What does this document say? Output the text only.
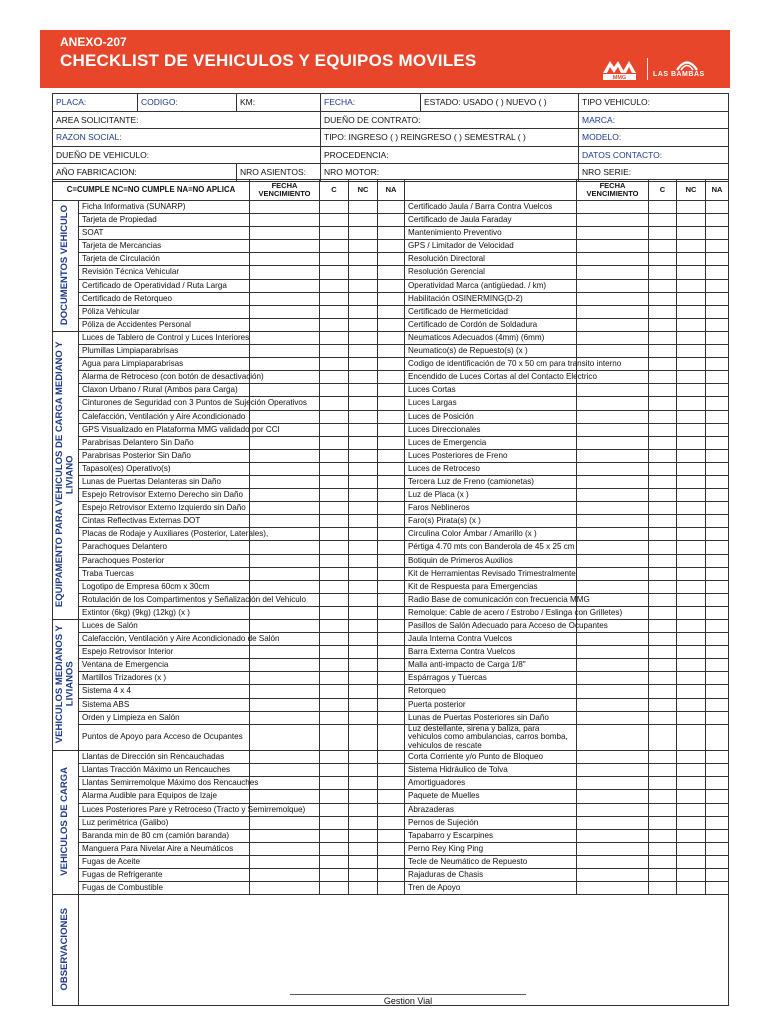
ANEXO-207
CHECKLIST DE VEHICULOS Y EQUIPOS MOVILES
MMG	LAS BAMBAS
PLACA:	CODIGO:	KM:	FECHA:	ESTADO: USADO ( ) NUEVO ( )	TIPO VEHICULO:
AREA SOLICITANTE:			DUEÑO DE CONTRATO:		MARCA:
RAZON SOCIAL:			TIPO: INGRESO ( ) REINGRESO ( ) SEMESTRAL ( )		MODELO:
DUEÑO DE VEHICULO:			PROCEDENCIA:		DATOS CONTACTO:
AÑO FABRICACION:		NRO ASIENTOS:	NRO MOTOR:		NRO SERIE:
C=CUMPLE NC=NO CUMPLE NA=NO APLICA		FECHA VENCIMIENTO	C	NC	NA		FECHA VENCIMIENTO	C	NC	NA
DOCUMENTOS VEHICULO	Ficha Informativa (SUNARP)					Certificado Jaula / Barra Contra Vuelcos				
	Tarjeta de Propiedad					Certificado de Jaula Faraday				
	SOAT					Mantenimiento Preventivo				
	Tarjeta de Mercancias					GPS / Limitador de Velocidad				
	Tarjeta de Circulación					Resolución Directoral				
	Revisión Técnica Vehicular					Resolución Gerencial				
	Certificado de Operatividad / Ruta Larga					Operatividad Marca (antigüedad. / km)				
	Certificado de Retorqueo					Habilitación OSINERMING(D-2)				
	Póliza Vehicular					Certificado de Hermeticidad				
	Póliza de Accidentes Personal					Certificado de Cordón de Soldadura				
EQUIPAMENTO PARA VEHICULOS DE CARGA MEDIANO Y LIVIANO	Luces de Tablero de Control y Luces Interiores					Neumaticos Adecuados (4mm) (6mm)				
	Plumillas Limpiaparabrisas					Neumatico(s) de Repuesto(s) (x )				
	Agua para Limpiaparabrisas					Codigo de identificación de 70 x 50 cm para transito interno				
	Alarma de Retroceso (con botón de desactivación)					Encendido de Luces Cortas al del Contacto Electrico				
	Claxon Urbano / Rural (Ambos para Carga)					Luces Cortas				
	Cinturones de Seguridad con 3 Puntos de Sujeción Operativos					Luces Largas				
	Calefacción, Ventilación y Aire Acondicionado					Luces de Posición				
	GPS Visualizado en Plataforma MMG validado por CCI					Luces Direccionales				
	Parabrisas Delantero Sin Daño					Luces de Emergencia				
	Parabrisas Posterior Sin Daño					Luces Posteriores de Freno				
	Tapasol(es) Operativo(s)					Luces de Retroceso				
	Lunas de Puertas Delanteras sin Daño					Tercera Luz de Freno (camionetas)				
	Espejo Retrovisor Externo Derecho sin Daño					Luz de Placa (x )				
	Espejo Retrovisor Externo Izquierdo sin Daño					Faros Neblineros				
	Cintas Reflectivas Externas DOT					Faro(s) Pirata(s) (x )				
	Placas de Rodaje y Auxiliares (Posterior, Laterales),					Circulina Color Ámbar / Amarillo (x )				
	Parachoques Delantero					Pértiga 4.70 mts con Banderola de 45 x 25 cm				
	Parachoques Posterior					Botiquin de Primeros Auxilios				
	Traba Tuercas					Kit de Herramientas Revisado Trimestralmente				
	Logotipo de Empresa 60cm x 30cm					Kit de Respuesta para Emergencias				
	Rotulación de los Compartimentos y Señalización del Vehiculo					Radio Base de comunicación con frecuencia MMG				
	Extintor (6kg) (9kg) (12kg) (x )					Remolque: Cable de acero / Estrobo / Eslinga con Grilletes)				
VEHICULOS MEDIANOS Y LIVIANOS	Luces de Salón					Pasillos de Salón Adecuado para Acceso de Ocupantes				
	Calefacción, Ventilación y Aire Acondicionado de Salón					Jaula Interna Contra Vuelcos				
	Espejo Retrovisor Interior					Barra Externa Contra Vuelcos				
	Ventana de Emergencia					Malla anti-impacto de Carga 1/8"				
	Martillos Trizadores (x )					Espárragos y Tuercas				
	Sistema 4 x 4					Retorqueo				
	Sistema ABS					Puerta posterior				
	Orden y Limpieza en Salón					Lunas de Puertas Posteriores sin Daño				
	Puntos de Apoyo para Acceso de Ocupantes					Luz destellante, sirena y baliza, para vehiculos como ambulancias, carros bomba, vehiculos de rescate				
VEHICULOS DE CARGA	Llantas de Dirección sin Rencauchadas					Corta Corriente y/o Punto de Bloqueo				
	Llantas Tracción Máximo un Rencauches					Sistema Hidráulico de Tolva				
	Llantas Semirremolque Máximo dos Rencauches					Amortiguadores				
	Alarma Audible para Equipos de Izaje					Paquete de Muelles				
	Luces Posteriores Pare y Retroceso (Tracto y Semirremolque)					Abrazaderas				
	Luz perimétrica (Galibo)					Pernos de Sujeción				
	Baranda min de 80 cm (camión baranda)					Tapabarro y Escarpines				
	Manguera Para Nivelar Aire a Neumáticos					Perno Rey King Ping				
	Fugas de Aceite					Tecle de Neumático de Repuesto				
	Fugas de Refrigerante					Rajaduras de Chasis				
	Fugas de Combustible					Tren de Apoyo				
OBSERVACIONES										
Gestion Vial
